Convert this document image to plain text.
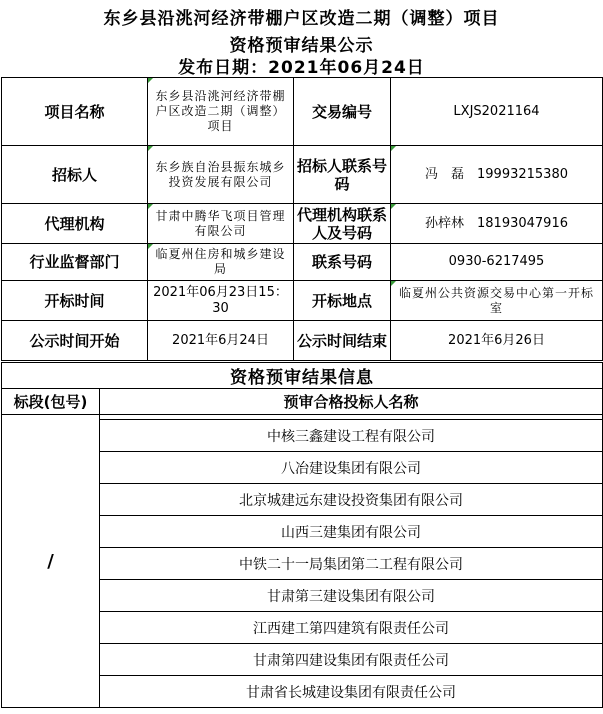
东乡县沿洮河经济带棚户区改造二期（调整）项目
资格预审结果公示
发布日期：2021年06月24日
项目名称	东乡县沿洮河经济带棚户区改造二期（调整）项目	交易编号	LXJS2021164
招标人	东乡族自治县振东城乡投资发展有限公司	招标人联系号码	冯　磊　19993215380
代理机构	甘肃中腾华飞项目管理有限公司	代理机构联系人及号码	孙梓林　18193047916
行业监督部门	临夏州住房和城乡建设局	联系号码	0930-6217495
开标时间	2021年06月23日15：30	开标地点	临夏州公共资源交易中心第一开标室
公示时间开始	2021年6月24日	公示时间结束	2021年6月26日
资格预审结果信息	
标段(包号)	预审合格投标人名称
/	
	中核三鑫建设工程有限公司
	八冶建设集团有限公司
	北京城建远东建设投资集团有限公司
	山西三建集团有限公司
	中铁二十一局集团第二工程有限公司
	甘肃第三建设集团有限公司
	江西建工第四建筑有限责任公司
	甘肃第四建设集团有限责任公司
	甘肃省长城建设集团有限责任公司
